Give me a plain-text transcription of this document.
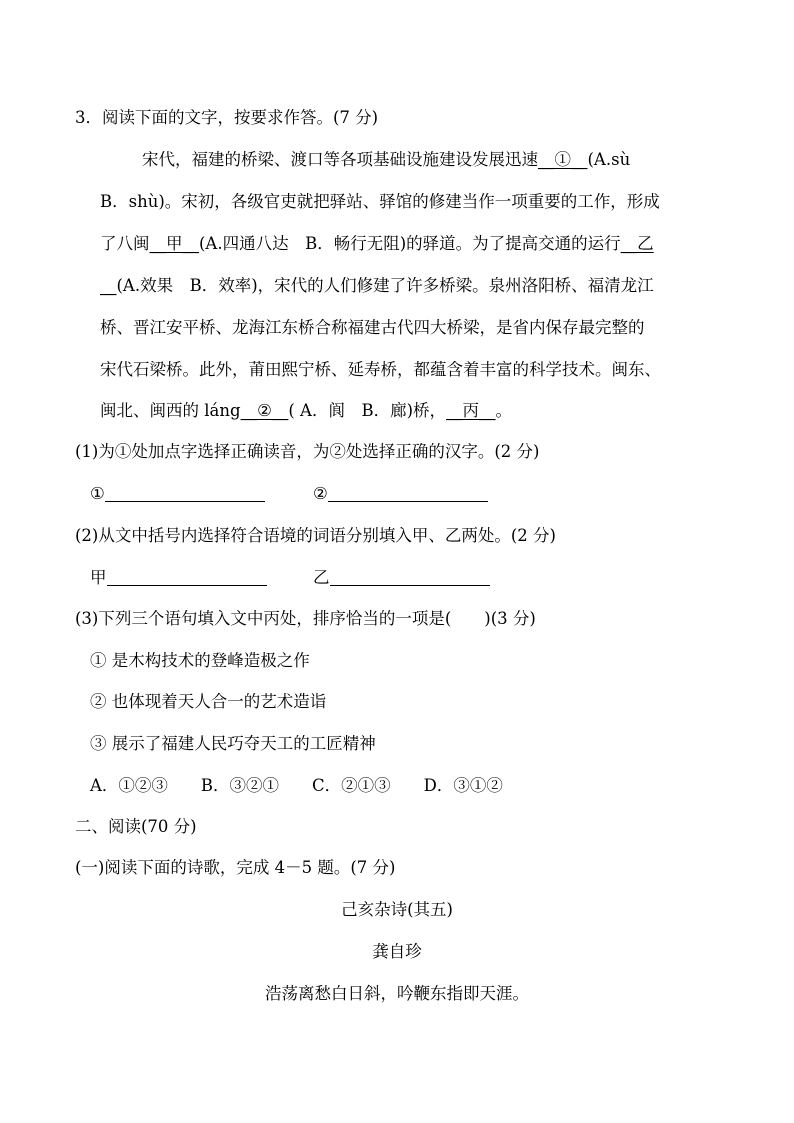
3．阅读下面的文字，按要求作答。(7 分)
宋代，福建的桥梁、渡口等各项基础设施建设发展迅速__①__(A.sù
B．shù)。宋初，各级官吏就把驿站、驿馆的修建当作一项重要的工作，形成
了八闽__甲__(A.四通八达　B．畅行无阻)的驿道。为了提高交通的运行__乙
__(A.效果　B．效率)，宋代的人们修建了许多桥梁。泉州洛阳桥、福清龙江
桥、晋江安平桥、龙海江东桥合称福建古代四大桥梁，是省内保存最完整的
宋代石梁桥。此外，莆田熙宁桥、延寿桥，都蕴含着丰富的科学技术。闽东、
闽北、闽西的 láng__②__( A．阆　B．廊)桥，__丙__。
(1)为①处加点字选择正确读音，为②处选择正确的汉字。(2 分)
①	②
(2)从文中括号内选择符合语境的词语分别填入甲、乙两处。(2 分)
甲	乙
(3)下列三个语句填入文中丙处，排序恰当的一项是(　　)(3 分)
① 是木构技术的登峰造极之作
② 也体现着天人合一的艺术造诣
③ 展示了福建人民巧夺天工的工匠精神
A．①②③　　B．③②①　　C．②①③　　D．③①②
二、阅读(70 分)
(一)阅读下面的诗歌，完成 4－5 题。(7 分)
己亥杂诗(其五)
龚自珍
浩荡离愁白日斜，吟鞭东指即天涯。
